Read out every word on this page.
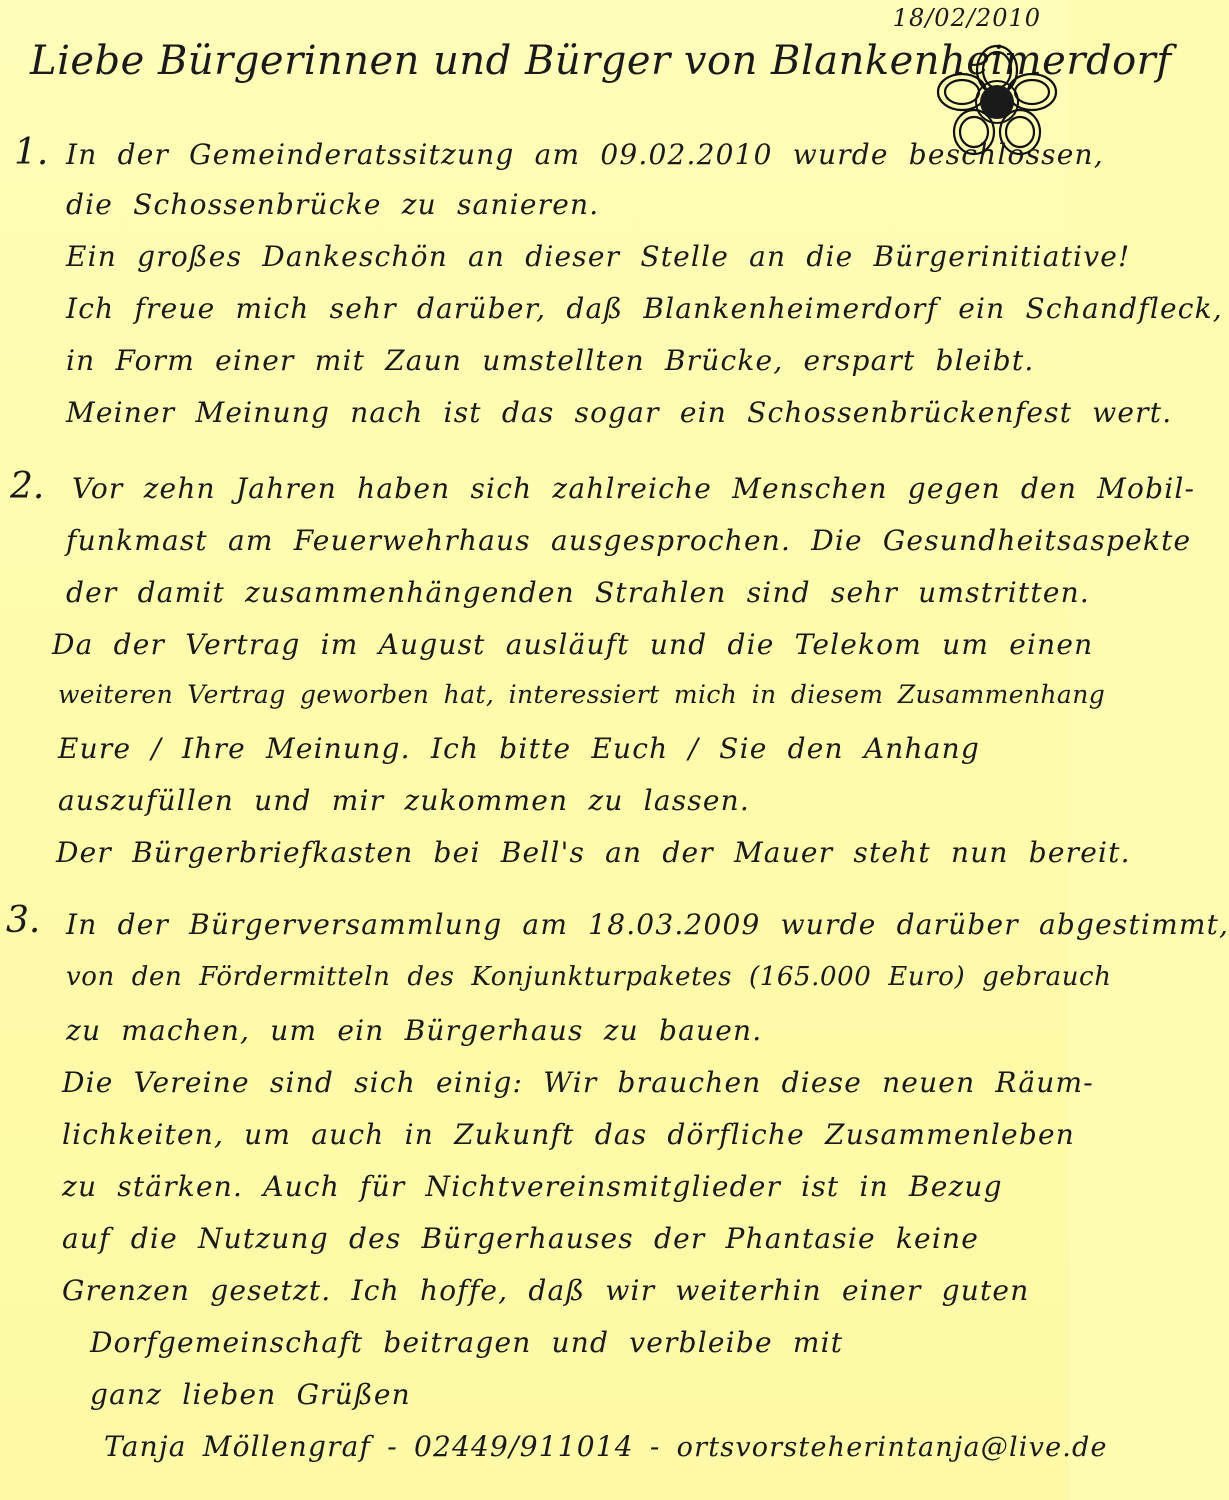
18/02/2010
Liebe Bürgerinnen und Bürger von Blankenheimerdorf
1. In der Gemeinderatssitzung am 09.02.2010 wurde beschlossen,
die Schossenbrücke zu sanieren.
Ein großes Dankeschön an dieser Stelle an die Bürgerinitiative!
Ich freue mich sehr darüber, daß Blankenheimerdorf ein Schandfleck,
in Form einer mit Zaun umstellten Brücke, erspart bleibt.
Meiner Meinung nach ist das sogar ein Schossenbrückenfest wert.
2. Vor zehn Jahren haben sich zahlreiche Menschen gegen den Mobil-
funkmast am Feuerwehrhaus ausgesprochen. Die Gesundheitsaspekte
der damit zusammenhängenden Strahlen sind sehr umstritten.
Da der Vertrag im August ausläuft und die Telekom um einen
weiteren Vertrag geworben hat, interessiert mich in diesem Zusammenhang
Eure / Ihre Meinung. Ich bitte Euch / Sie den Anhang
auszufüllen und mir zukommen zu lassen.
Der Bürgerbriefkasten bei Bell's an der Mauer steht nun bereit.
3. In der Bürgerversammlung am 18.03.2009 wurde darüber abgestimmt,
von den Fördermitteln des Konjunkturpaketes (165.000 Euro) gebrauch
zu machen, um ein Bürgerhaus zu bauen.
Die Vereine sind sich einig: Wir brauchen diese neuen Räum-
lichkeiten, um auch in Zukunft das dörfliche Zusammenleben
zu stärken. Auch für Nichtvereinsmitglieder ist in Bezug
auf die Nutzung des Bürgerhauses der Phantasie keine
Grenzen gesetzt. Ich hoffe, daß wir weiterhin einer guten
Dorfgemeinschaft beitragen und verbleibe mit
ganz lieben Grüßen
Tanja Möllengraf - 02449/911014 - ortsvorsteherintanja@live.de
